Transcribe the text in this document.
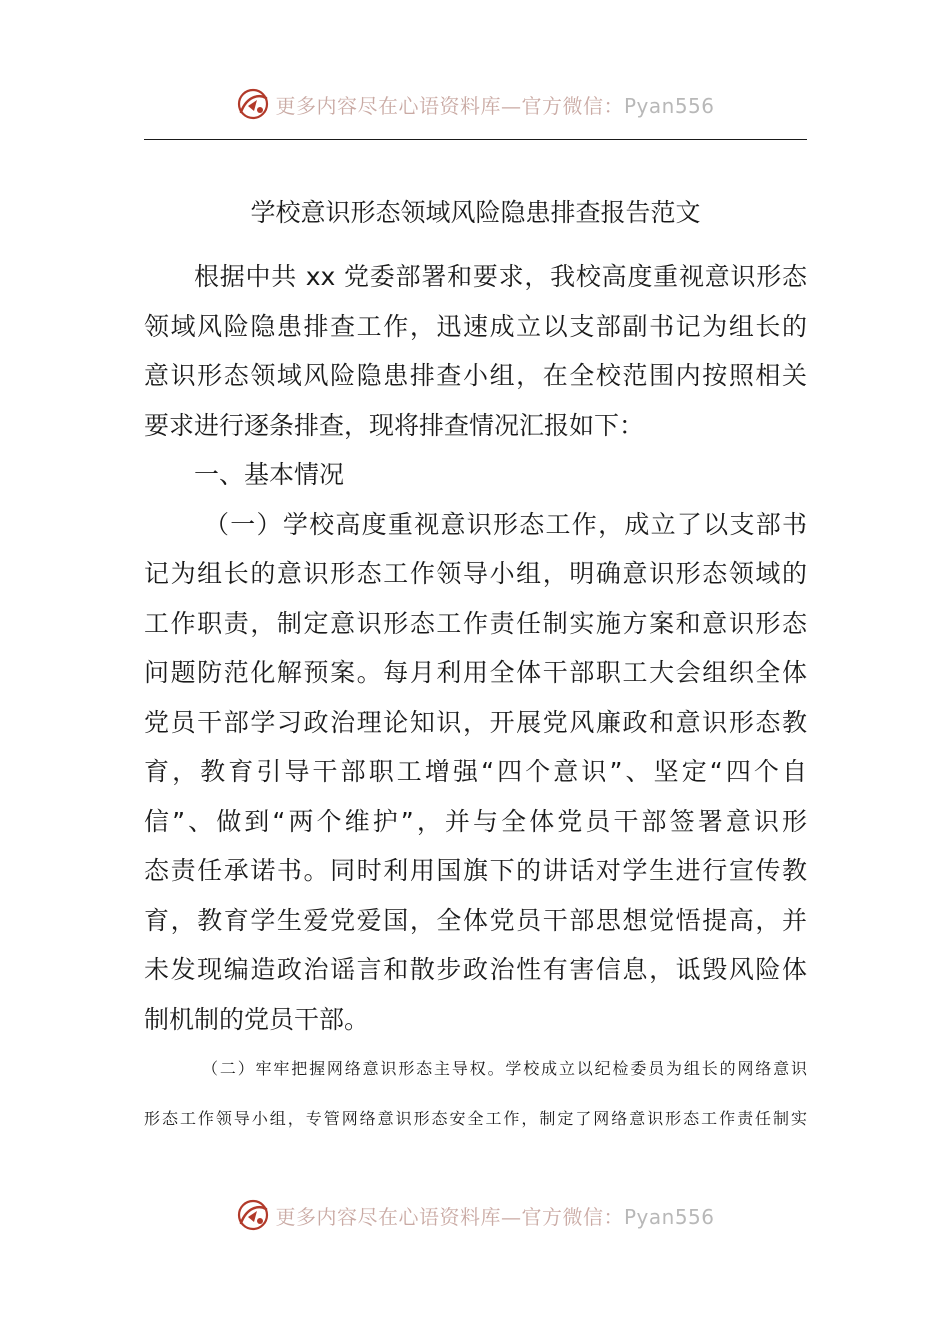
更多内容尽在心语资料库—官方微信：Pyan556
学校意识形态领域风险隐患排查报告范文
根据中共 xx 党委部署和要求，我校高度重视意识形态
领域风险隐患排查工作，迅速成立以支部副书记为组长的
意识形态领域风险隐患排查小组，在全校范围内按照相关
要求进行逐条排查，现将排查情况汇报如下：
一、基本情况
（一）学校高度重视意识形态工作，成立了以支部书
记为组长的意识形态工作领导小组，明确意识形态领域的
工作职责，制定意识形态工作责任制实施方案和意识形态
问题防范化解预案。每月利用全体干部职工大会组织全体
党员干部学习政治理论知识，开展党风廉政和意识形态教
育，教育引导干部职工增强“四个意识”、坚定“四个自
信”、做到“两个维护”，并与全体党员干部签署意识形
态责任承诺书。同时利用国旗下的讲话对学生进行宣传教
育，教育学生爱党爱国，全体党员干部思想觉悟提高，并
未发现编造政治谣言和散步政治性有害信息，诋毁风险体
制机制的党员干部。
（二）牢牢把握网络意识形态主导权。学校成立以纪检委员为组长的网络意识
形态工作领导小组，专管网络意识形态安全工作，制定了网络意识形态工作责任制实
更多内容尽在心语资料库—官方微信：Pyan556
